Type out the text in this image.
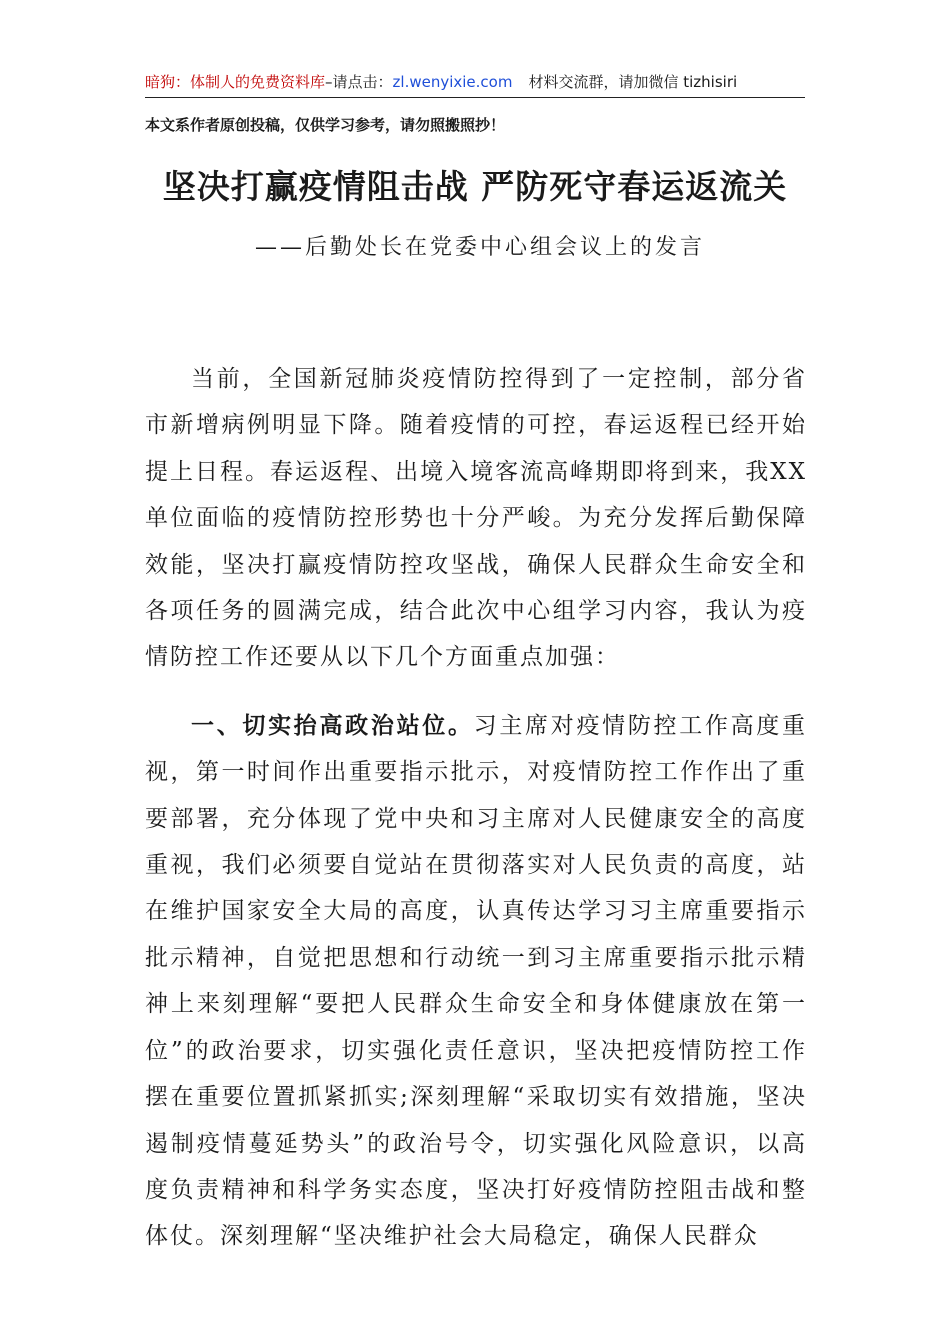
暗狗：体制人的免费资料库–请点击：zl.wenyixie.com 材料交流群，请加微信 tizhisiri
本文系作者原创投稿，仅供学习参考，请勿照搬照抄！
坚决打赢疫情阻击战 严防死守春运返流关
——后勤处长在党委中心组会议上的发言

当前，全国新冠肺炎疫情防控得到了一定控制，部分省市新增病例明显下降。随着疫情的可控，春运返程已经开始提上日程。春运返程、出境入境客流高峰期即将到来，我XX单位面临的疫情防控形势也十分严峻。为充分发挥后勤保障效能，坚决打赢疫情防控攻坚战，确保人民群众生命安全和各项任务的圆满完成，结合此次中心组学习内容，我认为疫情防控工作还要从以下几个方面重点加强：

一、切实抬高政治站位。习主席对疫情防控工作高度重视，第一时间作出重要指示批示，对疫情防控工作作出了重要部署，充分体现了党中央和习主席对人民健康安全的高度重视，我们必须要自觉站在贯彻落实对人民负责的高度，站在维护国家安全大局的高度，认真传达学习习主席重要指示批示精神，自觉把思想和行动统一到习主席重要指示批示精神上来刻理解“要把人民群众生命安全和身体健康放在第一位”的政治要求，切实强化责任意识，坚决把疫情防控工作摆在重要位置抓紧抓实;深刻理解“采取切实有效措施，坚决遏制疫情蔓延势头”的政治号令，切实强化风险意识，以高度负责精神和科学务实态度，坚决打好疫情防控阻击战和整体仗。深刻理解“坚决维护社会大局稳定，确保人民群众
